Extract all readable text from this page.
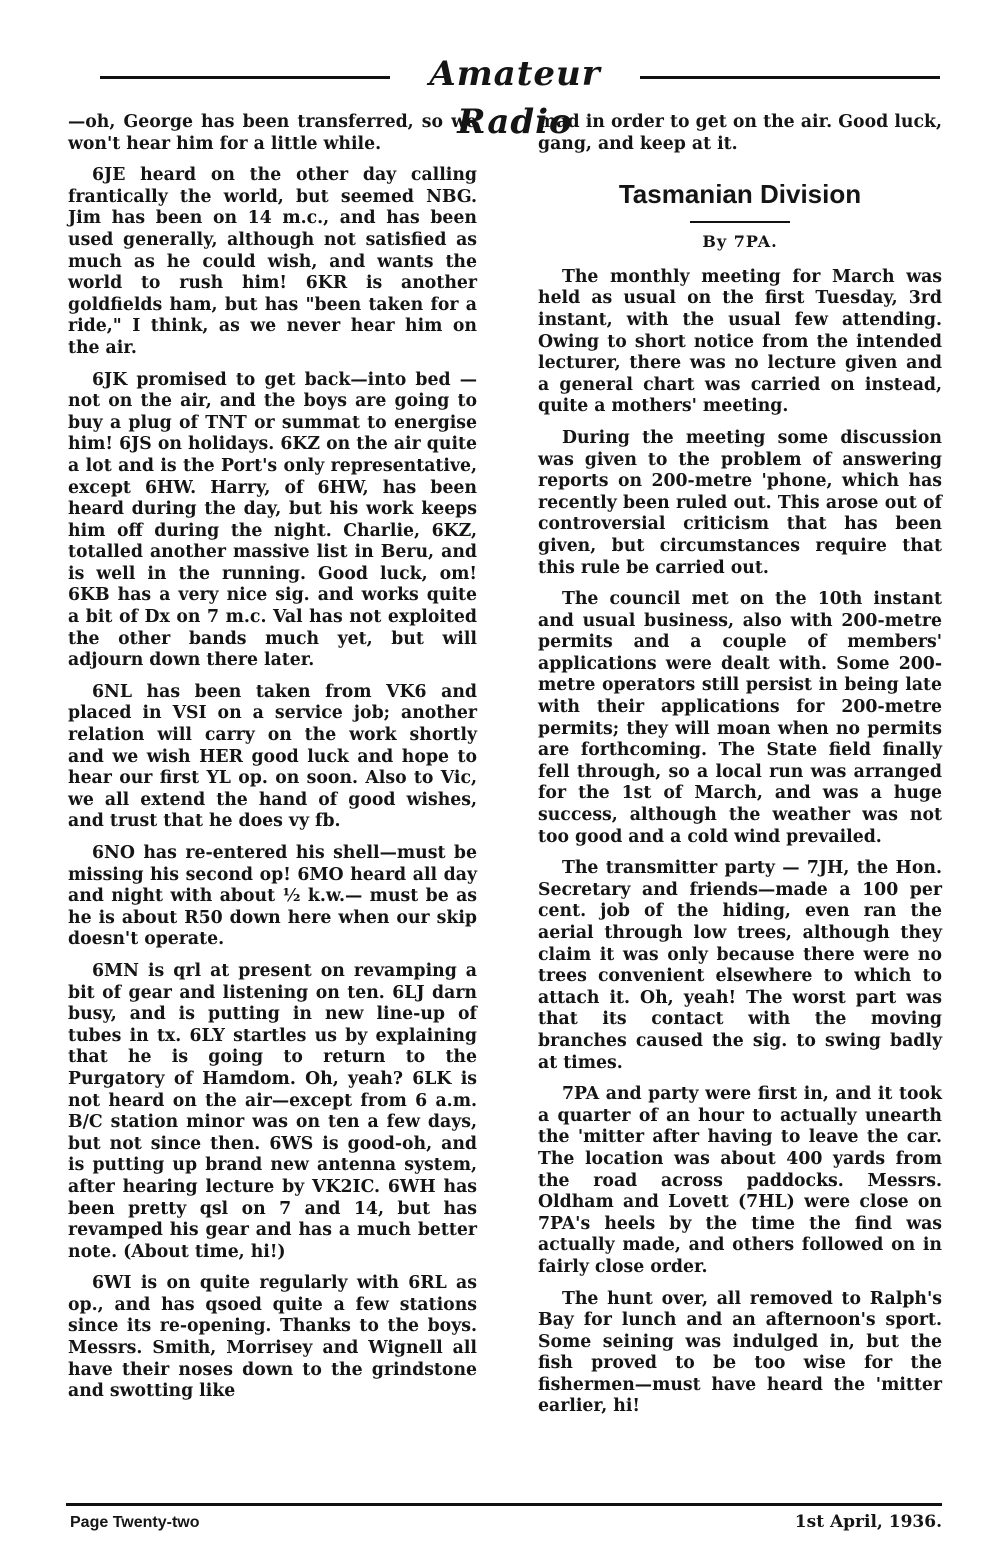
Amateur Radio

—oh, George has been transferred, so we won't hear him for a little while.

6JE heard on the other day calling frantically the world, but seemed NBG. Jim has been on 14 m.c., and has been used generally, although not satisfied as much as he could wish, and wants the world to rush him! 6KR is another goldfields ham, but has "been taken for a ride," I think, as we never hear him on the air.

6JK promised to get back—into bed —not on the air, and the boys are going to buy a plug of TNT or summat to energise him! 6JS on holidays. 6KZ on the air quite a lot and is the Port's only representative, except 6HW. Harry, of 6HW, has been heard during the day, but his work keeps him off during the night. Charlie, 6KZ, totalled another massive list in Beru, and is well in the running. Good luck, om! 6KB has a very nice sig. and works quite a bit of Dx on 7 m.c. Val has not exploited the other bands much yet, but will adjourn down there later.

6NL has been taken from VK6 and placed in VSI on a service job; another relation will carry on the work shortly and we wish HER good luck and hope to hear our first YL op. on soon. Also to Vic, we all extend the hand of good wishes, and trust that he does vy fb.

6NO has re-entered his shell—must be missing his second op! 6MO heard all day and night with about ½ k.w.— must be as he is about R50 down here when our skip doesn't operate.

6MN is qrl at present on revamping a bit of gear and listening on ten. 6LJ darn busy, and is putting in new line-up of tubes in tx. 6LY startles us by explaining that he is going to return to the Purgatory of Hamdom. Oh, yeah? 6LK is not heard on the air—except from 6 a.m. B/C station minor was on ten a few days, but not since then. 6WS is good-oh, and is putting up brand new antenna system, after hearing lecture by VK2IC. 6WH has been pretty qsl on 7 and 14, but has revamped his gear and has a much better note. (About time, hi!)

6WI is on quite regularly with 6RL as op., and has qsoed quite a few stations since its re-opening. Thanks to the boys. Messrs. Smith, Morrisey and Wignell all have their noses down to the grindstone and swotting like

mad in order to get on the air. Good luck, gang, and keep at it.

Tasmanian Division
By 7PA.

The monthly meeting for March was held as usual on the first Tuesday, 3rd instant, with the usual few attending. Owing to short notice from the intended lecturer, there was no lecture given and a general chart was carried on instead, quite a mothers' meeting.

During the meeting some discussion was given to the problem of answering reports on 200-metre 'phone, which has recently been ruled out. This arose out of controversial criticism that has been given, but circumstances require that this rule be carried out.

The council met on the 10th instant and usual business, also with 200-metre permits and a couple of members' applications were dealt with. Some 200-metre operators still persist in being late with their applications for 200-metre permits; they will moan when no permits are forthcoming. The State field finally fell through, so a local run was arranged for the 1st of March, and was a huge success, although the weather was not too good and a cold wind prevailed.

The transmitter party — 7JH, the Hon. Secretary and friends—made a 100 per cent. job of the hiding, even ran the aerial through low trees, although they claim it was only because there were no trees convenient elsewhere to which to attach it. Oh, yeah! The worst part was that its contact with the moving branches caused the sig. to swing badly at times.

7PA and party were first in, and it took a quarter of an hour to actually unearth the 'mitter after having to leave the car. The location was about 400 yards from the road across paddocks. Messrs. Oldham and Lovett (7HL) were close on 7PA's heels by the time the find was actually made, and others followed on in fairly close order.

The hunt over, all removed to Ralph's Bay for lunch and an afternoon's sport. Some seining was indulged in, but the fish proved to be too wise for the fishermen—must have heard the 'mitter earlier, hi!

Page Twenty-two	1st April, 1936.
